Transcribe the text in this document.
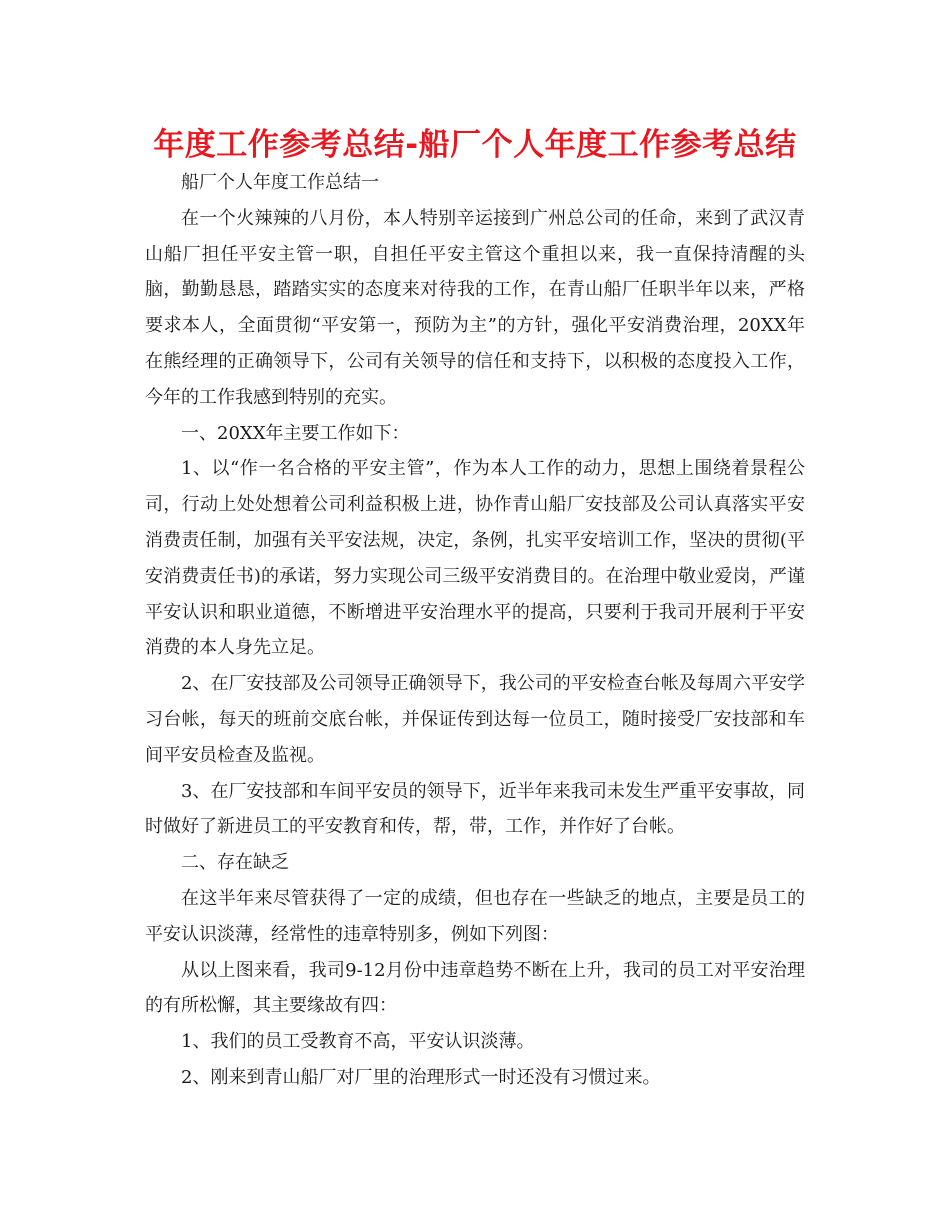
年度工作参考总结-船厂个人年度工作参考总结

船厂个人年度工作总结一

在一个火辣辣的八月份，本人特别辛运接到广州总公司的任命，来到了武汉青山船厂担任平安主管一职，自担任平安主管这个重担以来，我一直保持清醒的头脑，勤勤恳恳，踏踏实实的态度来对待我的工作，在青山船厂任职半年以来，严格要求本人，全面贯彻“平安第一，预防为主”的方针，强化平安消费治理，20XX年在熊经理的正确领导下，公司有关领导的信任和支持下，以积极的态度投入工作，今年的工作我感到特别的充实。

一、20XX年主要工作如下：

1、以“作一名合格的平安主管”，作为本人工作的动力，思想上围绕着景程公司，行动上处处想着公司利益积极上进，协作青山船厂安技部及公司认真落实平安消费责任制，加强有关平安法规，决定，条例，扎实平安培训工作，坚决的贯彻(平安消费责任书)的承诺，努力实现公司三级平安消费目的。在治理中敬业爱岗，严谨平安认识和职业道德，不断增进平安治理水平的提高，只要利于我司开展利于平安消费的本人身先立足。

2、在厂安技部及公司领导正确领导下，我公司的平安检查台帐及每周六平安学习台帐，每天的班前交底台帐，并保证传到达每一位员工，随时接受厂安技部和车间平安员检查及监视。

3、在厂安技部和车间平安员的领导下，近半年来我司未发生严重平安事故，同时做好了新进员工的平安教育和传，帮，带，工作，并作好了台帐。

二、存在缺乏

在这半年来尽管获得了一定的成绩，但也存在一些缺乏的地点，主要是员工的平安认识淡薄，经常性的违章特别多，例如下列图：

从以上图来看，我司9-12月份中违章趋势不断在上升，我司的员工对平安治理的有所松懈，其主要缘故有四：

1、我们的员工受教育不高，平安认识淡薄。

2、刚来到青山船厂对厂里的治理形式一时还没有习惯过来。
